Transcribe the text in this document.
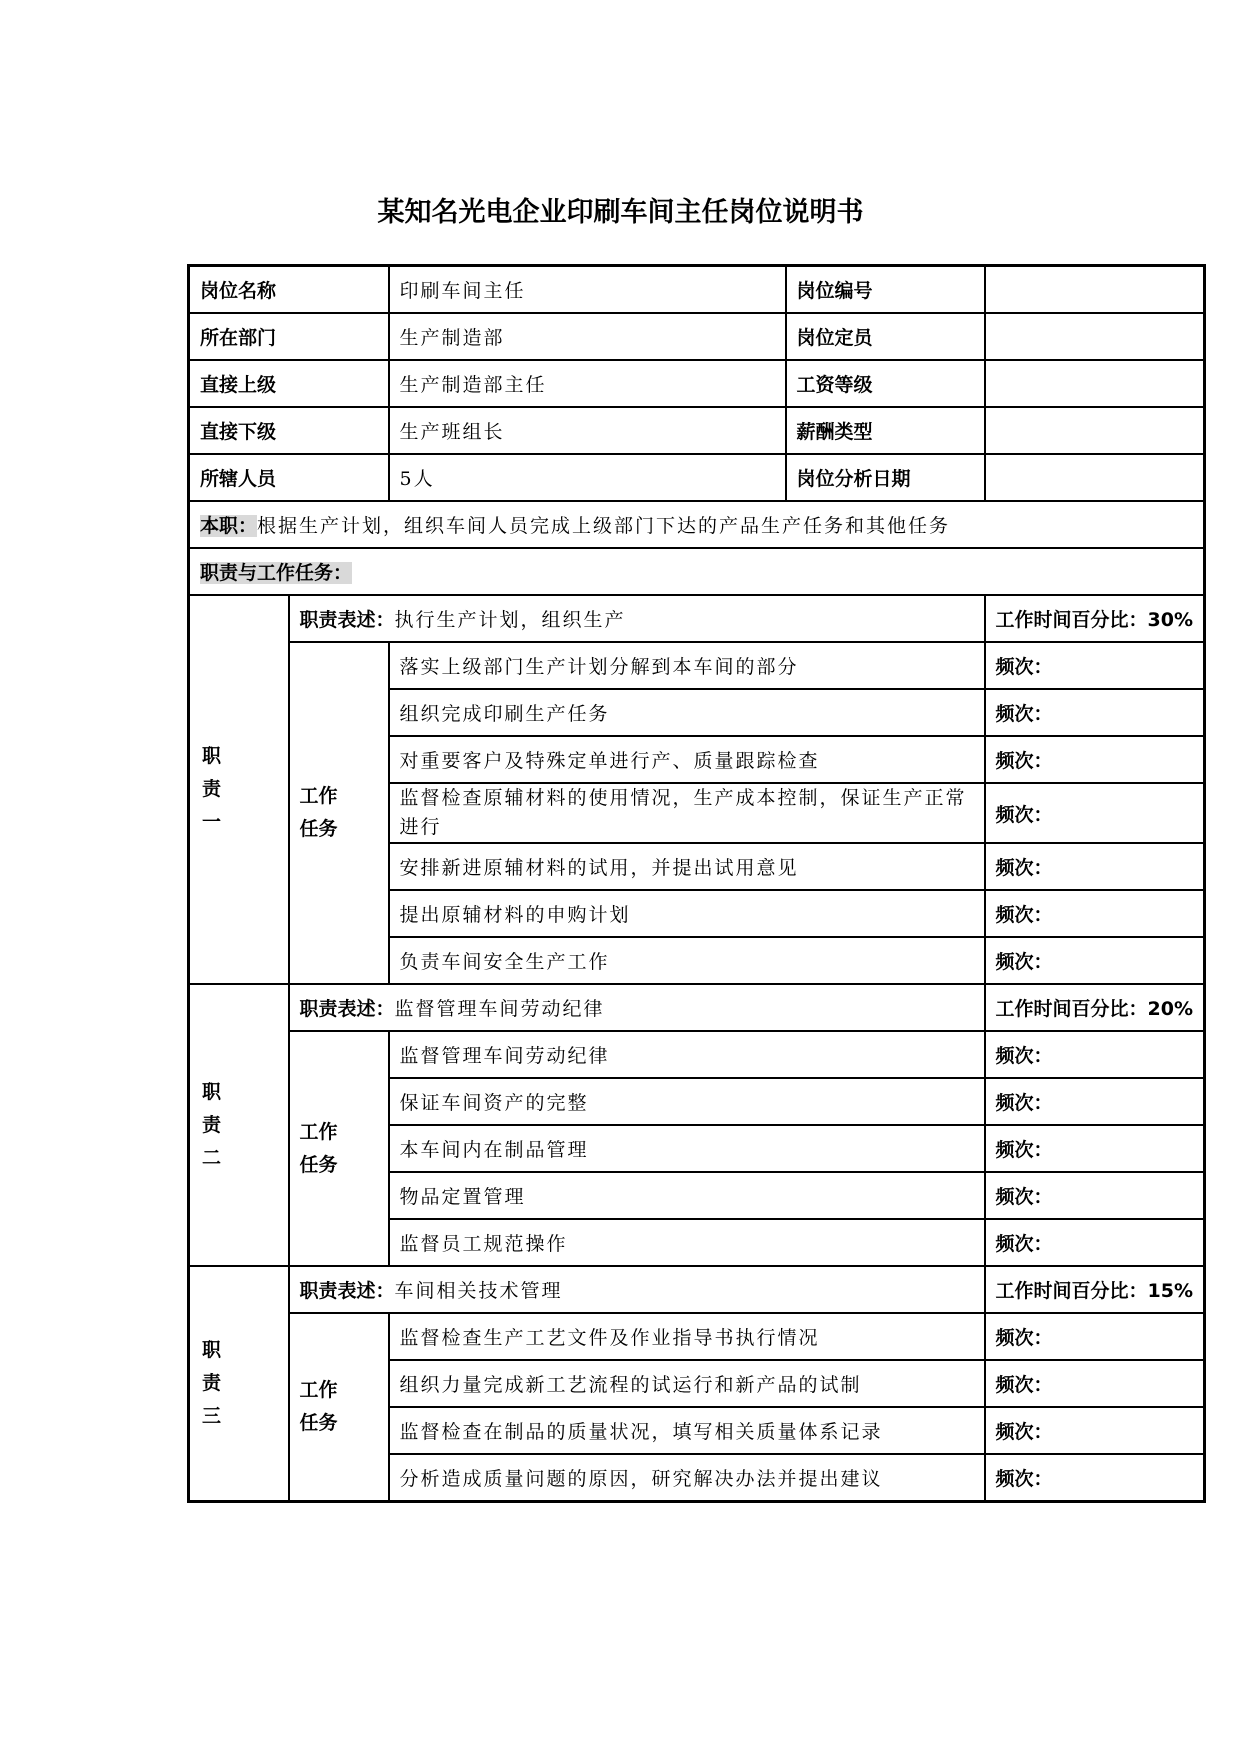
某知名光电企业印刷车间主任岗位说明书
岗位名称		印刷车间主任	岗位编号	
所在部门		生产制造部	岗位定员	
直接上级		生产制造部主任	工资等级	
直接下级		生产班组长	薪酬类型	
所辖人员		5人	岗位分析日期	
本职：根据生产计划，组织车间人员完成上级部门下达的产品生产任务和其他任务				
职责与工作任务：				
职
责
一	职责表述：执行生产计划，组织生产			工作时间百分比：30%
	工作
任务	落实上级部门生产计划分解到本车间的部分		频次：
		组织完成印刷生产任务		频次：
		对重要客户及特殊定单进行产、质量跟踪检查		频次：
		监督检查原辅材料的使用情况，生产成本控制，保证生产正常进行		频次：
		安排新进原辅材料的试用，并提出试用意见		频次：
		提出原辅材料的申购计划		频次：
		负责车间安全生产工作		频次：
职
责
二	职责表述：监督管理车间劳动纪律			工作时间百分比：20%
	工作
任务	监督管理车间劳动纪律		频次：
		保证车间资产的完整		频次：
		本车间内在制品管理		频次：
		物品定置管理		频次：
		监督员工规范操作		频次：
职
责
三	职责表述：车间相关技术管理			工作时间百分比：15%
	工作
任务	监督检查生产工艺文件及作业指导书执行情况		频次：
		组织力量完成新工艺流程的试运行和新产品的试制		频次：
		监督检查在制品的质量状况，填写相关质量体系记录		频次：
		分析造成质量问题的原因，研究解决办法并提出建议		频次：
